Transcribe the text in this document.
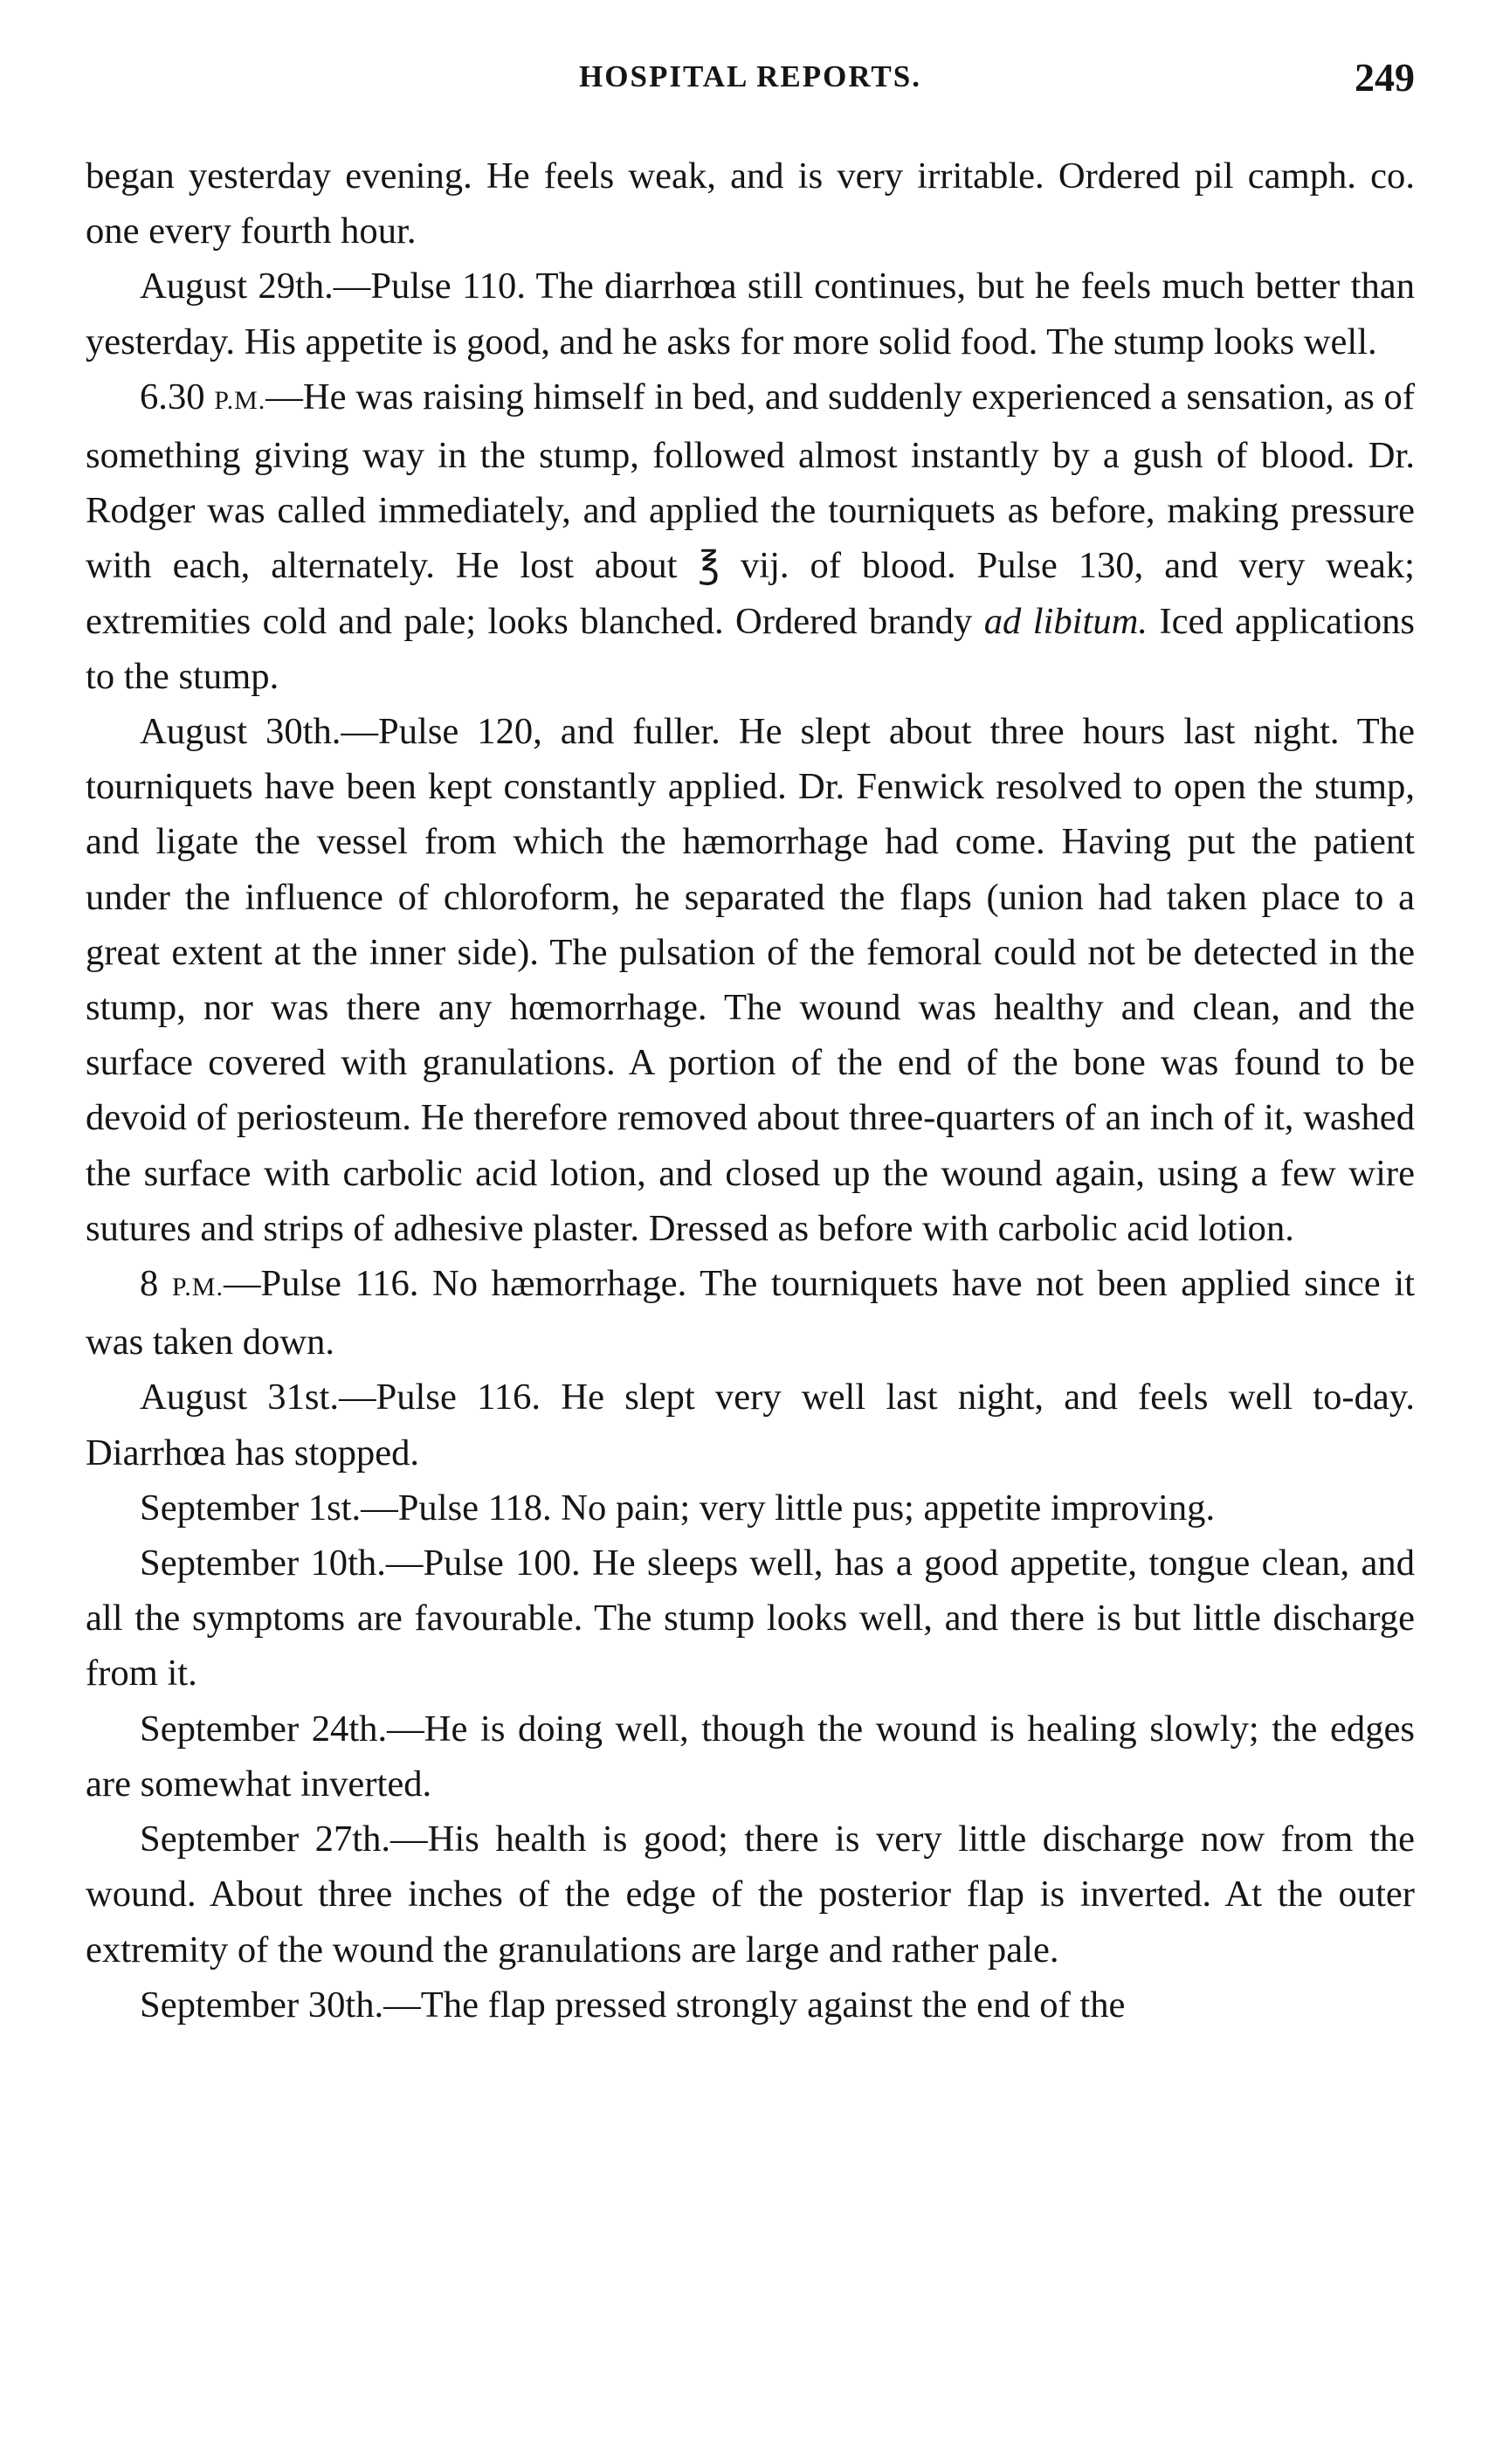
HOSPITAL REPORTS.	249

began yesterday evening. He feels weak, and is very irritable. Ordered pil camph. co. one every fourth hour.

August 29th.—Pulse 110. The diarrhœa still continues, but he feels much better than yesterday. His appetite is good, and he asks for more solid food. The stump looks well.

6.30 P.M.—He was raising himself in bed, and suddenly experienced a sensation, as of something giving way in the stump, followed almost instantly by a gush of blood. Dr. Rodger was called immediately, and applied the tourniquets as before, making pressure with each, alternately. He lost about ℥ vij. of blood. Pulse 130, and very weak; extremities cold and pale; looks blanched. Ordered brandy ad libitum. Iced applications to the stump.

August 30th.—Pulse 120, and fuller. He slept about three hours last night. The tourniquets have been kept constantly applied. Dr. Fenwick resolved to open the stump, and ligate the vessel from which the hæmorrhage had come. Having put the patient under the influence of chloroform, he separated the flaps (union had taken place to a great extent at the inner side). The pulsation of the femoral could not be detected in the stump, nor was there any hœmorrhage. The wound was healthy and clean, and the surface covered with granulations. A portion of the end of the bone was found to be devoid of periosteum. He therefore removed about three-quarters of an inch of it, washed the surface with carbolic acid lotion, and closed up the wound again, using a few wire sutures and strips of adhesive plaster. Dressed as before with carbolic acid lotion.

8 P.M.—Pulse 116. No hæmorrhage. The tourniquets have not been applied since it was taken down.

August 31st.—Pulse 116. He slept very well last night, and feels well to-day. Diarrhœa has stopped.

September 1st.—Pulse 118. No pain; very little pus; appetite improving.

September 10th.—Pulse 100. He sleeps well, has a good appetite, tongue clean, and all the symptoms are favourable. The stump looks well, and there is but little discharge from it.

September 24th.—He is doing well, though the wound is healing slowly; the edges are somewhat inverted.

September 27th.—His health is good; there is very little discharge now from the wound. About three inches of the edge of the posterior flap is inverted. At the outer extremity of the wound the granulations are large and rather pale.

September 30th.—The flap pressed strongly against the end of the
